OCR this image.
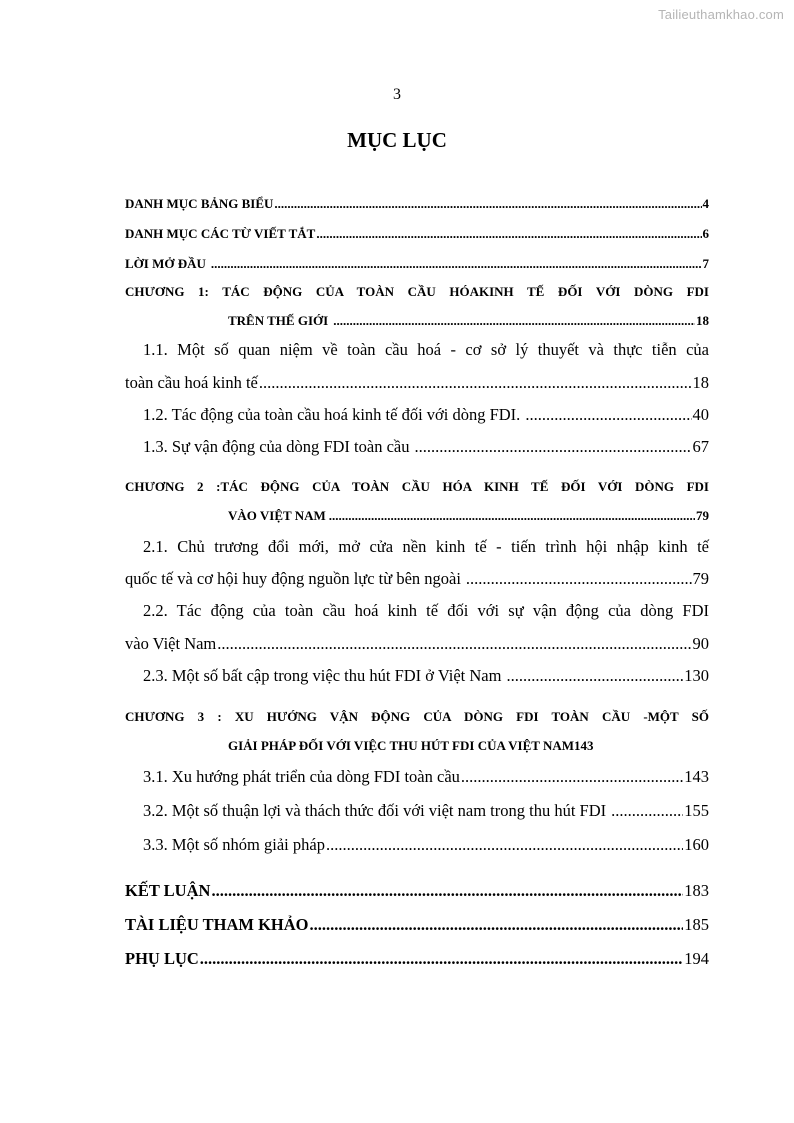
Tailieuthamkhao.com
3
MỤC LỤC
DANH MỤC BẢNG BIỂU .....	4
DANH MỤC CÁC TỪ VIẾT TẮT .....	6
LỜI MỞ ĐẦU .....	7
CHƯƠNG 1: TÁC ĐỘNG CỦA TOÀN CẦU HÓAKINH TẾ ĐỐI VỚI DÒNG FDI
TRÊN THẾ GIỚI .....	18
1.1. Một số quan niệm về toàn cầu hoá - cơ sở lý thuyết và thực tiễn của
toàn cầu hoá kinh tế .....	18
1.2. Tác động của toàn cầu hoá kinh tế đối với dòng FDI. .....	40
1.3. Sự vận động của dòng FDI toàn cầu .....	67
CHƯƠNG 2 :TÁC ĐỘNG CỦA TOÀN CẦU HÓA KINH TẾ ĐỐI VỚI DÒNG FDI
VÀO VIỆT NAM .....	79
2.1. Chủ trương đổi mới, mở cửa nền kinh tế - tiến trình hội nhập kinh tế
quốc tế và cơ hội huy động nguồn lực từ bên ngoài .....	79
2.2. Tác động của toàn cầu hoá kinh tế đối với sự vận động của dòng FDI
vào Việt Nam .....	90
2.3. Một số bất cập trong việc thu hút FDI ở Việt Nam .....	130
CHƯƠNG 3 : XU HƯỚNG VẬN ĐỘNG CỦA DÒNG FDI TOÀN CẦU -MỘT SỐ
GIẢI PHÁP ĐỐI VỚI VIỆC THU HÚT FDI CỦA VIỆT NAM143
3.1. Xu hướng phát triển của dòng FDI toàn cầu .....	143
3.2. Một số thuận lợi và thách thức đối với việt nam trong thu hút FDI .....	155
3.3. Một số nhóm giải pháp .....	160
KẾT LUẬN .....	183
TÀI LIỆU THAM KHẢO .....	185
PHỤ LỤC .....	194
